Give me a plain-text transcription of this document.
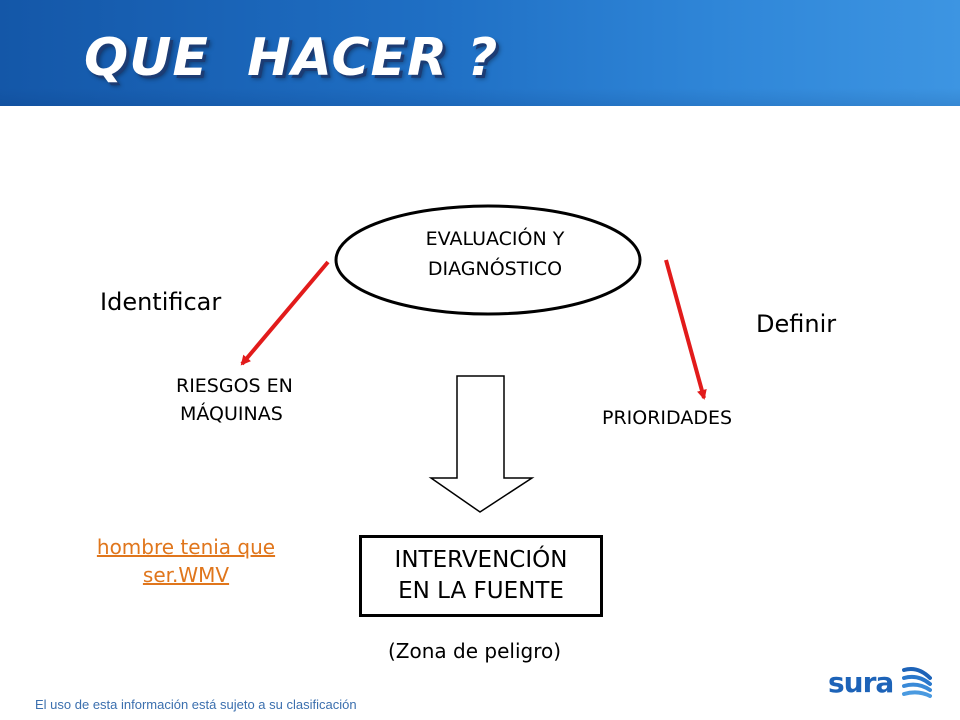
QUE  HACER ?
EVALUACIÓN Y
DIAGNÓSTICO
Identificar
Definir
RIESGOS EN
MÁQUINAS	PRIORIDADES
INTERVENCIÓN
EN LA FUENTE
(Zona de peligro)
hombre tenia que
ser.WMV
El uso de esta información está sujeto a su clasificación
sura
